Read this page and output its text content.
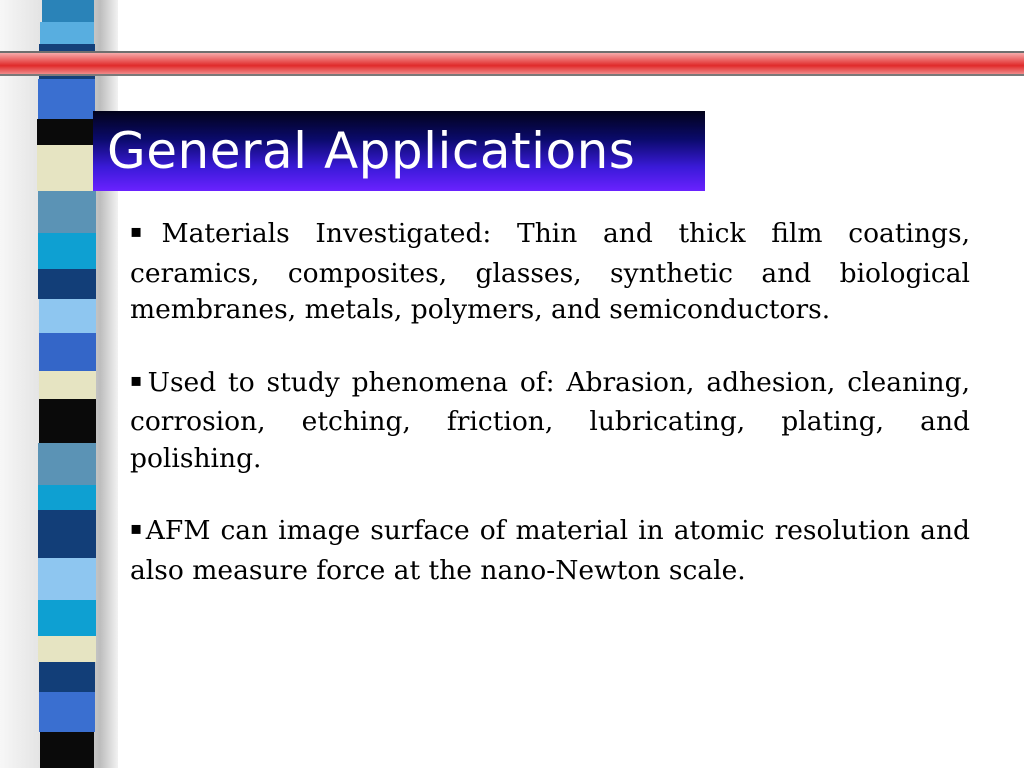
General Applications

▪Materials Investigated: Thin and thick film coatings, ceramics, composites, glasses, synthetic and biological membranes, metals, polymers, and semiconductors.

▪Used to study phenomena of: Abrasion, adhesion, cleaning, corrosion, etching, friction, lubricating, plating, and polishing.

▪AFM can image surface of material in atomic resolution and also measure force at the nano-Newton scale.
